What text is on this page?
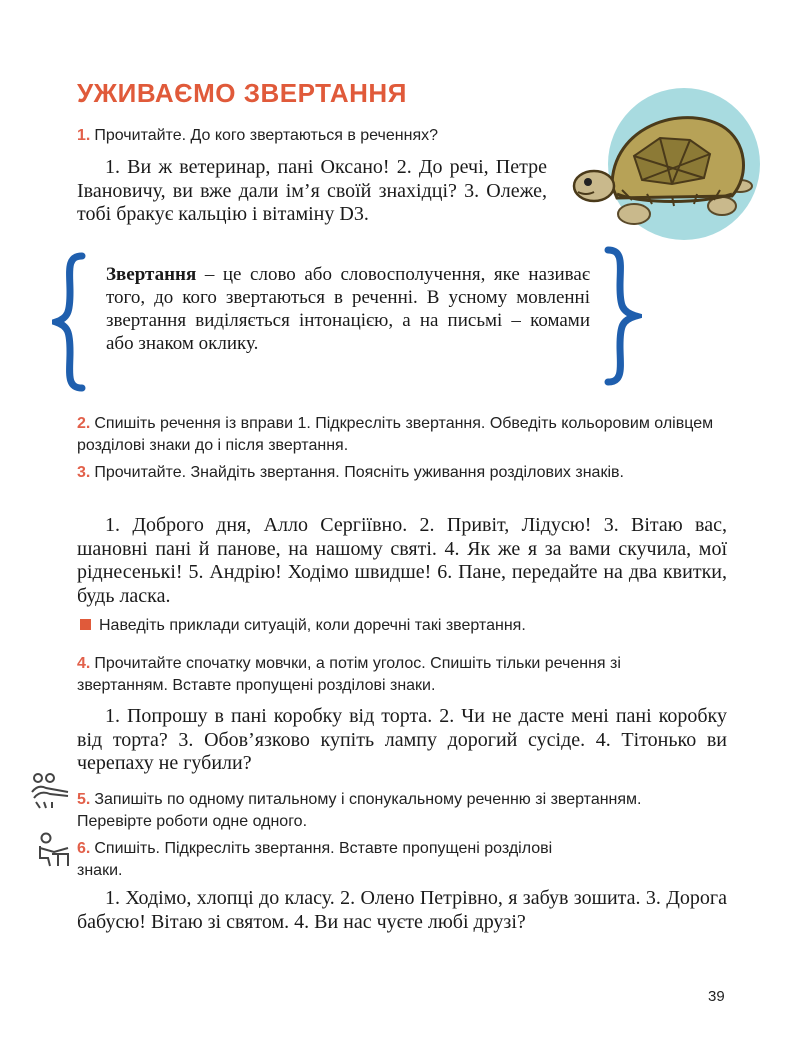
УЖИВАЄМО ЗВЕРТАННЯ
1. Прочитайте. До кого звертаються в реченнях?
1. Ви ж ветеринар, пані Оксано! 2. До речі, Петре Івановичу, ви вже дали ім’я своїй знахідці? 3. Олеже, тобі бракує кальцію і вітаміну D3.
Звертання – це слово або словосполучення, яке називає того, до кого звертаються в реченні. В усному мовленні звертання виділяється інтонацією, а на письмі – комами або знаком оклику.
2. Спишіть речення із вправи 1. Підкресліть звертання. Обведіть кольоровим олівцем розділові знаки до і після звертання.
3. Прочитайте. Знайдіть звертання. Поясніть уживання розділових знаків.
1. Доброго дня, Алло Сергіївно. 2. Привіт, Лідусю! 3. Вітаю вас, шановні пані й панове, на нашому святі. 4. Як же я за вами скучила, мої ріднесенькі! 5. Андрію! Ходімо швидше! 6. Пане, передайте на два квитки, будь ласка.
Наведіть приклади ситуацій, коли доречні такі звертання.
4. Прочитайте спочатку мовчки, а потім уголос. Спишіть тільки речення зі звертанням. Вставте пропущені розділові знаки.
1. Попрошу в пані коробку від торта. 2. Чи не дасте мені пані коробку від торта? 3. Обов’язково купіть лампу дорогий сусіде. 4. Тітонько ви черепаху не губили?
5. Запишіть по одному питальному і спонукальному реченню зі звертанням. Перевірте роботи одне одного.
6. Спишіть. Підкресліть звертання. Вставте пропущені розділові знаки.
1. Ходімо, хлопці до класу. 2. Олено Петрівно, я забув зошита. 3. Дорога бабусю! Вітаю зі святом. 4. Ви нас чуєте любі друзі?
39
